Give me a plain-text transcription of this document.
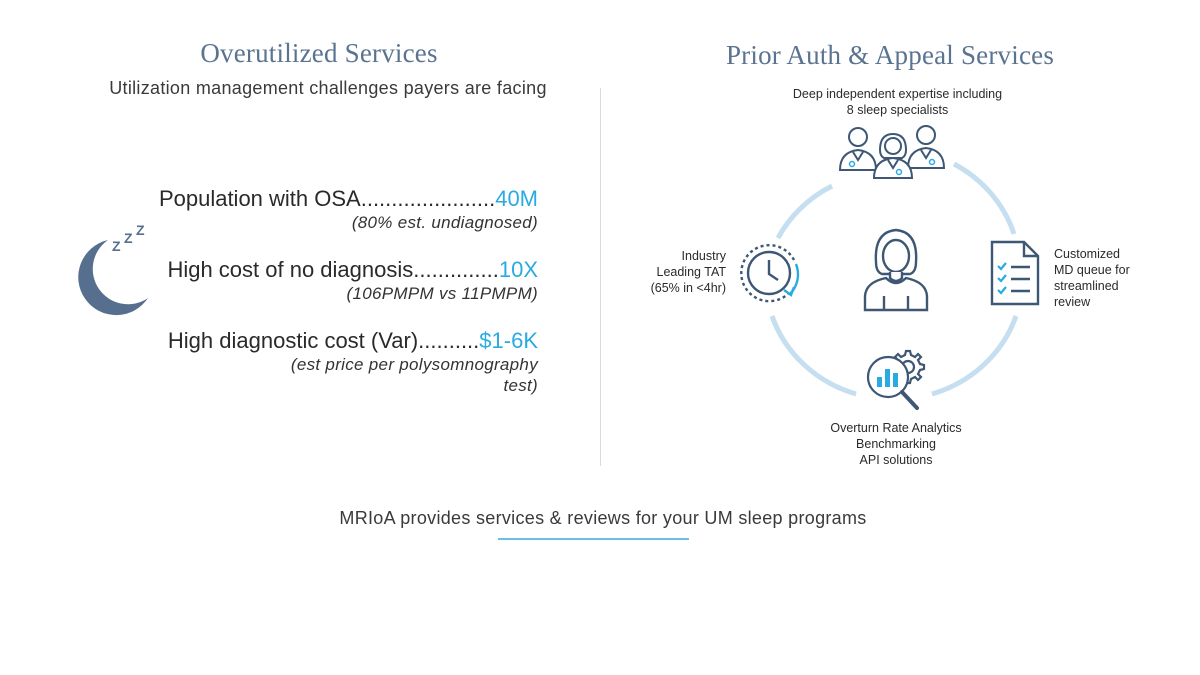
Overutilized Services
Utilization management challenges payers are facing
Z Z Z
Population with OSA......................40M
(80% est. undiagnosed)
High cost of no diagnosis..............10X
(106PMPM vs 11PMPM)
High diagnostic cost (Var)..........$1-6K
(est price per polysomnography
test)
Prior Auth & Appeal Services
Deep independent expertise including
8 sleep specialists
Industry
Leading TAT
(65% in <4hr)
Customized
MD queue for
streamlined
review
Overturn Rate Analytics
Benchmarking
API solutions
MRIoA provides services & reviews for your UM sleep programs
